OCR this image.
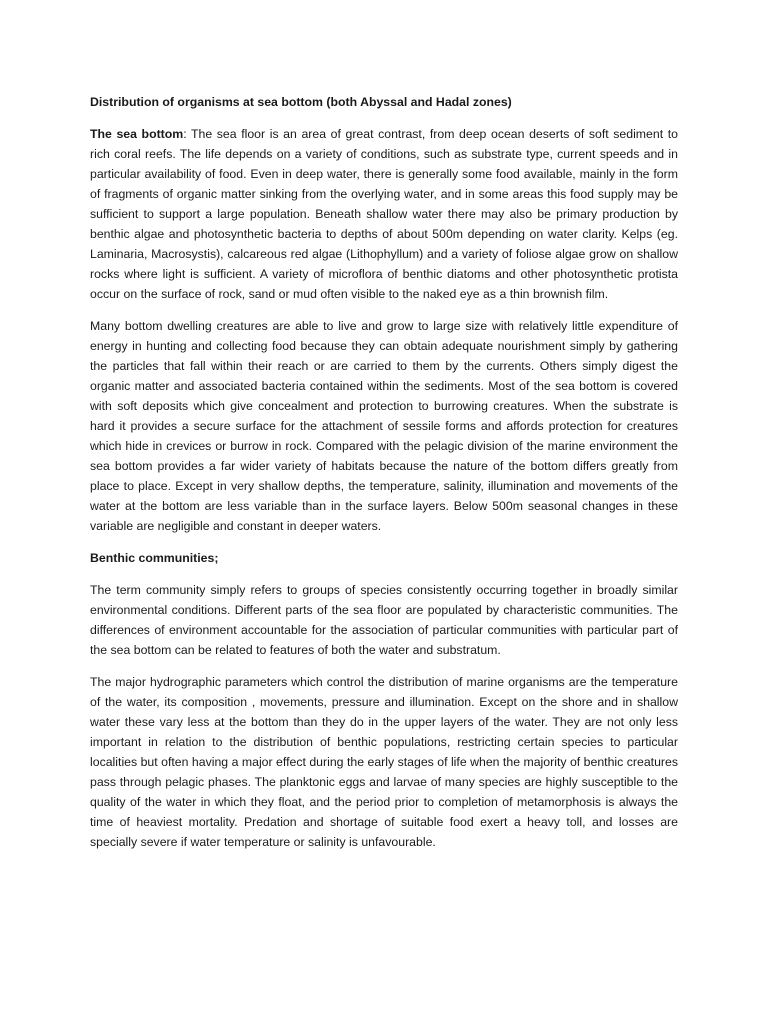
Distribution of organisms at sea bottom (both Abyssal and Hadal zones)

The sea bottom: The sea floor is an area of great contrast, from deep ocean deserts of soft sediment to rich coral reefs. The life depends on a variety of conditions, such as substrate type, current speeds and in particular availability of food. Even in deep water, there is generally some food available, mainly in the form of fragments of organic matter sinking from the overlying water, and in some areas this food supply may be sufficient to support a large population. Beneath shallow water there may also be primary production by benthic algae and photosynthetic bacteria to depths of about 500m depending on water clarity. Kelps (eg. Laminaria, Macrosystis), calcareous red algae (Lithophyllum) and a variety of foliose algae grow on shallow rocks where light is sufficient. A variety of microflora of benthic diatoms and other photosynthetic protista occur on the surface of rock, sand or mud often visible to the naked eye as a thin brownish film.

Many bottom dwelling creatures are able to live and grow to large size with relatively little expenditure of energy in hunting and collecting food because they can obtain adequate nourishment simply by gathering the particles that fall within their reach or are carried to them by the currents. Others simply digest the organic matter and associated bacteria contained within the sediments. Most of the sea bottom is covered with soft deposits which give concealment and protection to burrowing creatures. When the substrate is hard it provides a secure surface for the attachment of sessile forms and affords protection for creatures which hide in crevices or burrow in rock. Compared with the pelagic division of the marine environment the sea bottom provides a far wider variety of habitats because the nature of the bottom differs greatly from place to place. Except in very shallow depths, the temperature, salinity, illumination and movements of the water at the bottom are less variable than in the surface layers. Below 500m seasonal changes in these variable are negligible and constant in deeper waters.

Benthic communities;

The term community simply refers to groups of species consistently occurring together in broadly similar environmental conditions. Different parts of the sea floor are populated by characteristic communities. The differences of environment accountable for the association of particular communities with particular part of the sea bottom can be related to features of both the water and substratum.

The major hydrographic parameters which control the distribution of marine organisms are the temperature of the water, its composition , movements, pressure and illumination. Except on the shore and in shallow water these vary less at the bottom than they do in the upper layers of the water. They are not only less important in relation to the distribution of benthic populations, restricting certain species to particular localities but often having a major effect during the early stages of life when the majority of benthic creatures pass through pelagic phases. The planktonic eggs and larvae of many species are highly susceptible to the quality of the water in which they float, and the period prior to completion of metamorphosis is always the time of heaviest mortality. Predation and shortage of suitable food exert a heavy toll, and losses are specially severe if water temperature or salinity is unfavourable.
